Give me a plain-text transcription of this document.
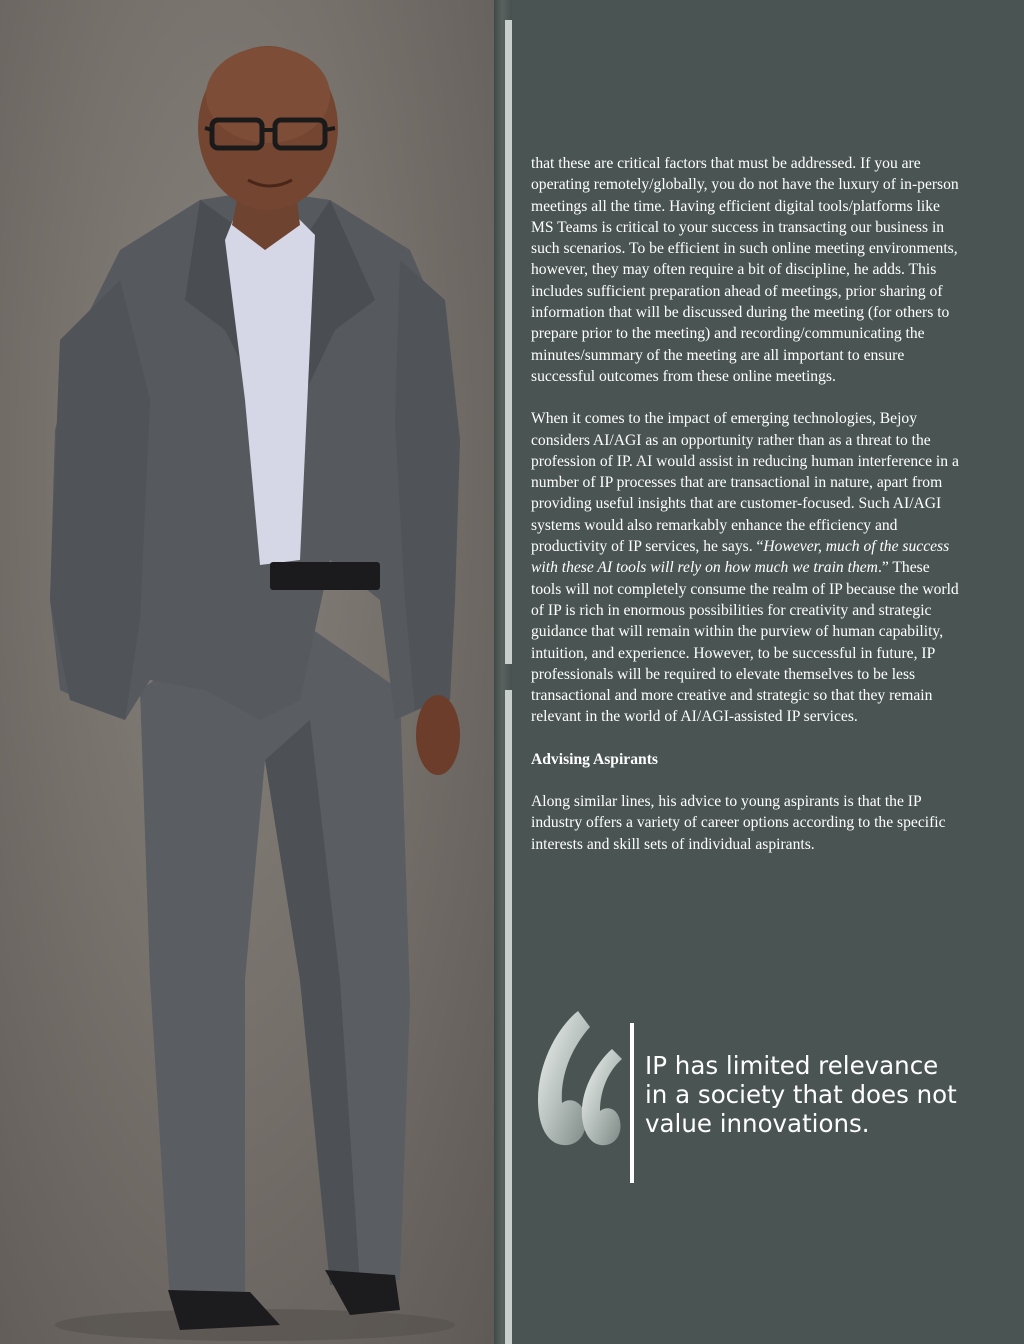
that these are critical factors that must be addressed. If you are operating remotely/globally, you do not have the luxury of in-person meetings all the time. Having efficient digital tools/platforms like MS Teams is critical to your success in transacting our business in such scenarios. To be efficient in such online meeting environments, however, they may often require a bit of discipline, he adds. This includes sufficient preparation ahead of meetings, prior sharing of information that will be discussed during the meeting (for others to prepare prior to the meeting) and recording/communicating the minutes/summary of the meeting are all important to ensure successful outcomes from these online meetings.

When it comes to the impact of emerging technologies, Bejoy considers AI/AGI as an opportunity rather than as a threat to the profession of IP. AI would assist in reducing human interference in a number of IP processes that are transactional in nature, apart from providing useful insights that are customer-focused. Such AI/AGI systems would also remarkably enhance the efficiency and productivity of IP services, he says. “However, much of the success with these AI tools will rely on how much we train them.” These tools will not completely consume the realm of IP because the world of IP is rich in enormous possibilities for creativity and strategic guidance that will remain within the purview of human capability, intuition, and experience. However, to be successful in future, IP professionals will be required to elevate themselves to be less transactional and more creative and strategic so that they remain relevant in the world of AI/AGI-assisted IP services.

Advising Aspirants

Along similar lines, his advice to young aspirants is that the IP industry offers a variety of career options according to the specific interests and skill sets of individual aspirants.

IP has limited relevance in a society that does not value innovations.
